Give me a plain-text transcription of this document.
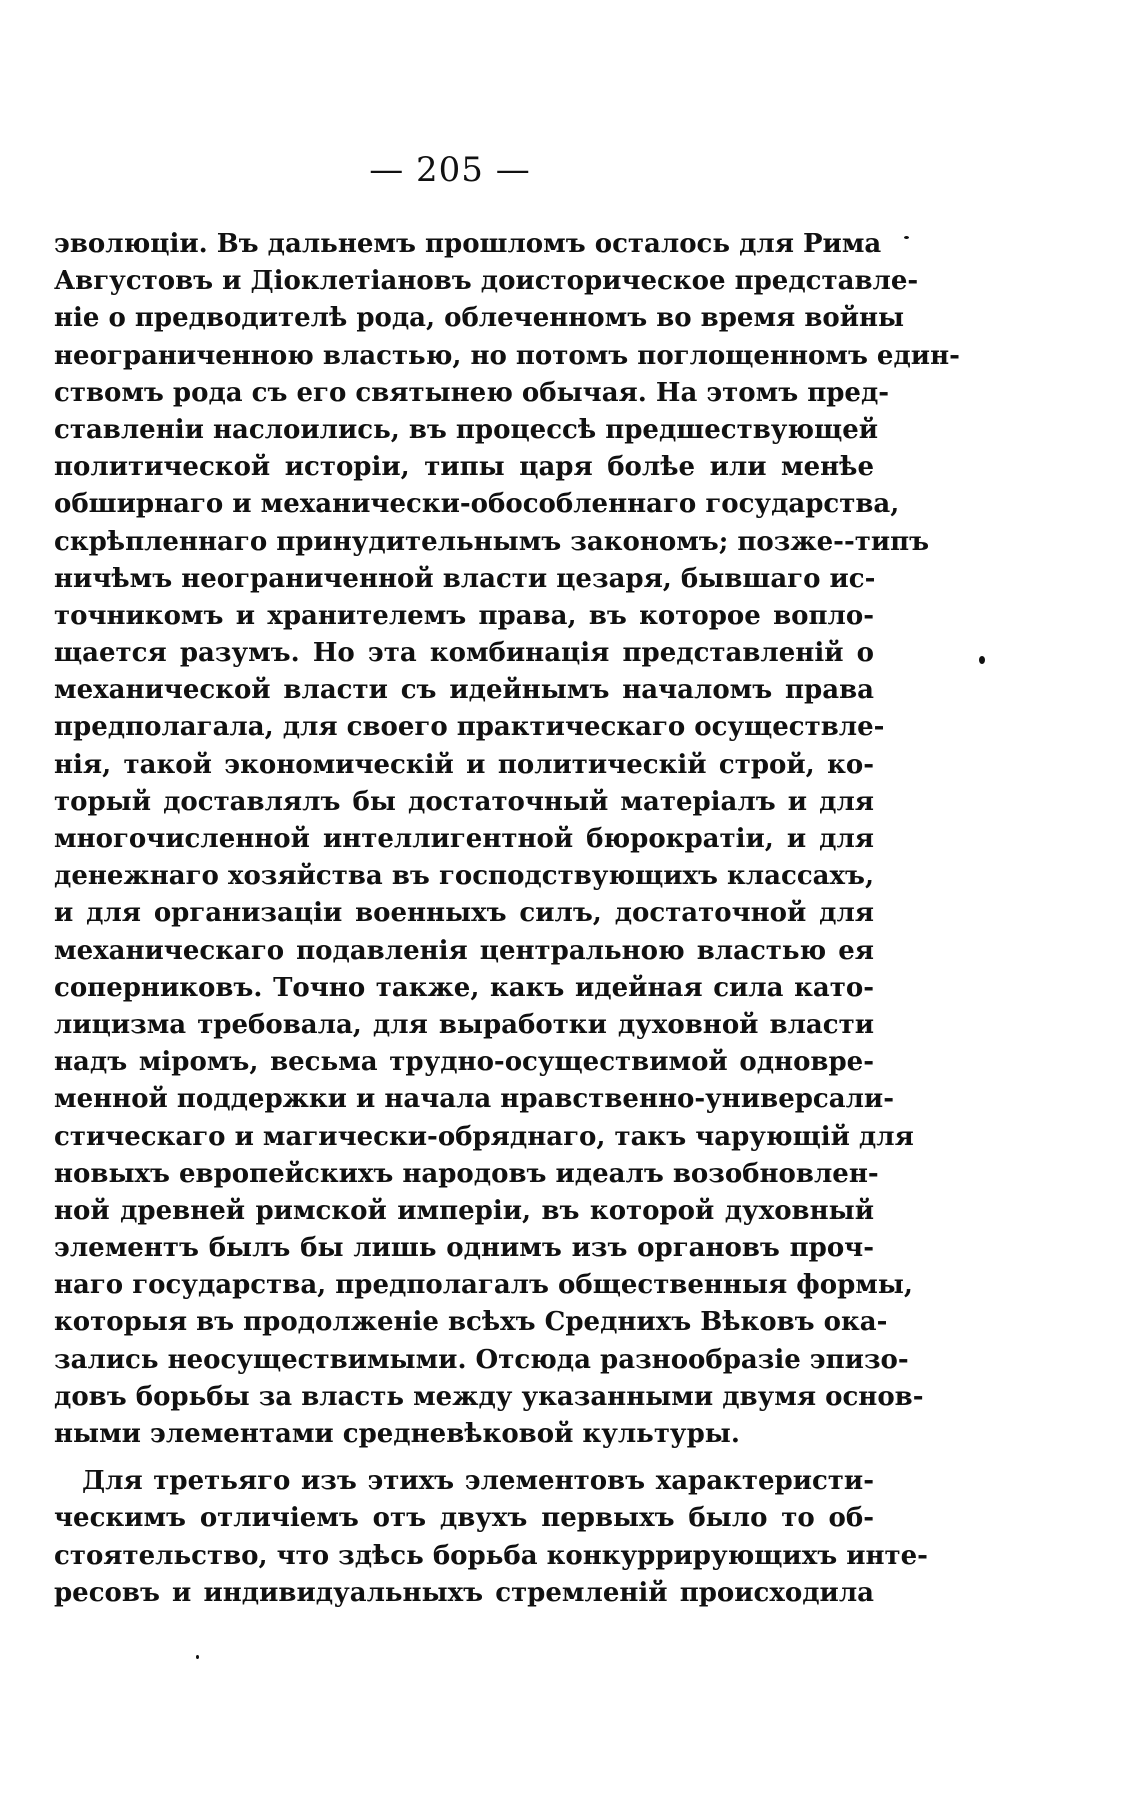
— 205 —
эволюціи. Въ дальнемъ прошломъ осталось для Рима
Августовъ и Діоклетіановъ доисторическое представле-
ніе о предводителѣ рода, облеченномъ во время войны
неограниченною властью, но потомъ поглощенномъ един-
ствомъ рода съ его святынею обычая. На этомъ пред-
ставленіи наслоились, въ процессѣ предшествующей
политической исторіи, типы царя болѣе или менѣе
обширнаго и механически-обособленнаго государства,
скрѣпленнаго принудительнымъ закономъ; позже--типъ
ничѣмъ неограниченной власти цезаря, бывшаго ис-
точникомъ и хранителемъ права, въ которое вопло-
щается разумъ. Но эта комбинація представленій о
механической власти съ идейнымъ началомъ права
предполагала, для своего практическаго осуществле-
нія, такой экономическій и политическій строй, ко-
торый доставлялъ бы достаточный матеріалъ и для
многочисленной интеллигентной бюрократіи, и для
денежнаго хозяйства въ господствующихъ классахъ,
и для организаціи военныхъ силъ, достаточной для
механическаго подавленія центральною властью ея
соперниковъ. Точно также, какъ идейная сила като-
лицизма требовала, для выработки духовной власти
надъ міромъ, весьма трудно-осуществимой одновре-
менной поддержки и начала нравственно-универсали-
стическаго и магически-обряднаго, такъ чарующій для
новыхъ европейскихъ народовъ идеалъ возобновлен-
ной древней римской имперіи, въ которой духовный
элементъ былъ бы лишь однимъ изъ органовъ проч-
наго государства, предполагалъ общественныя формы,
которыя въ продолженіе всѣхъ Среднихъ Вѣковъ ока-
зались неосуществимыми. Отсюда разнообразіе эпизо-
довъ борьбы за власть между указанными двумя основ-
ными элементами средневѣковой культуры.
Для третьяго изъ этихъ элементовъ характеристи-
ческимъ отличіемъ отъ двухъ первыхъ было то об-
стоятельство, что здѣсь борьба конкуррирующихъ инте-
ресовъ и индивидуальныхъ стремленій происходила
